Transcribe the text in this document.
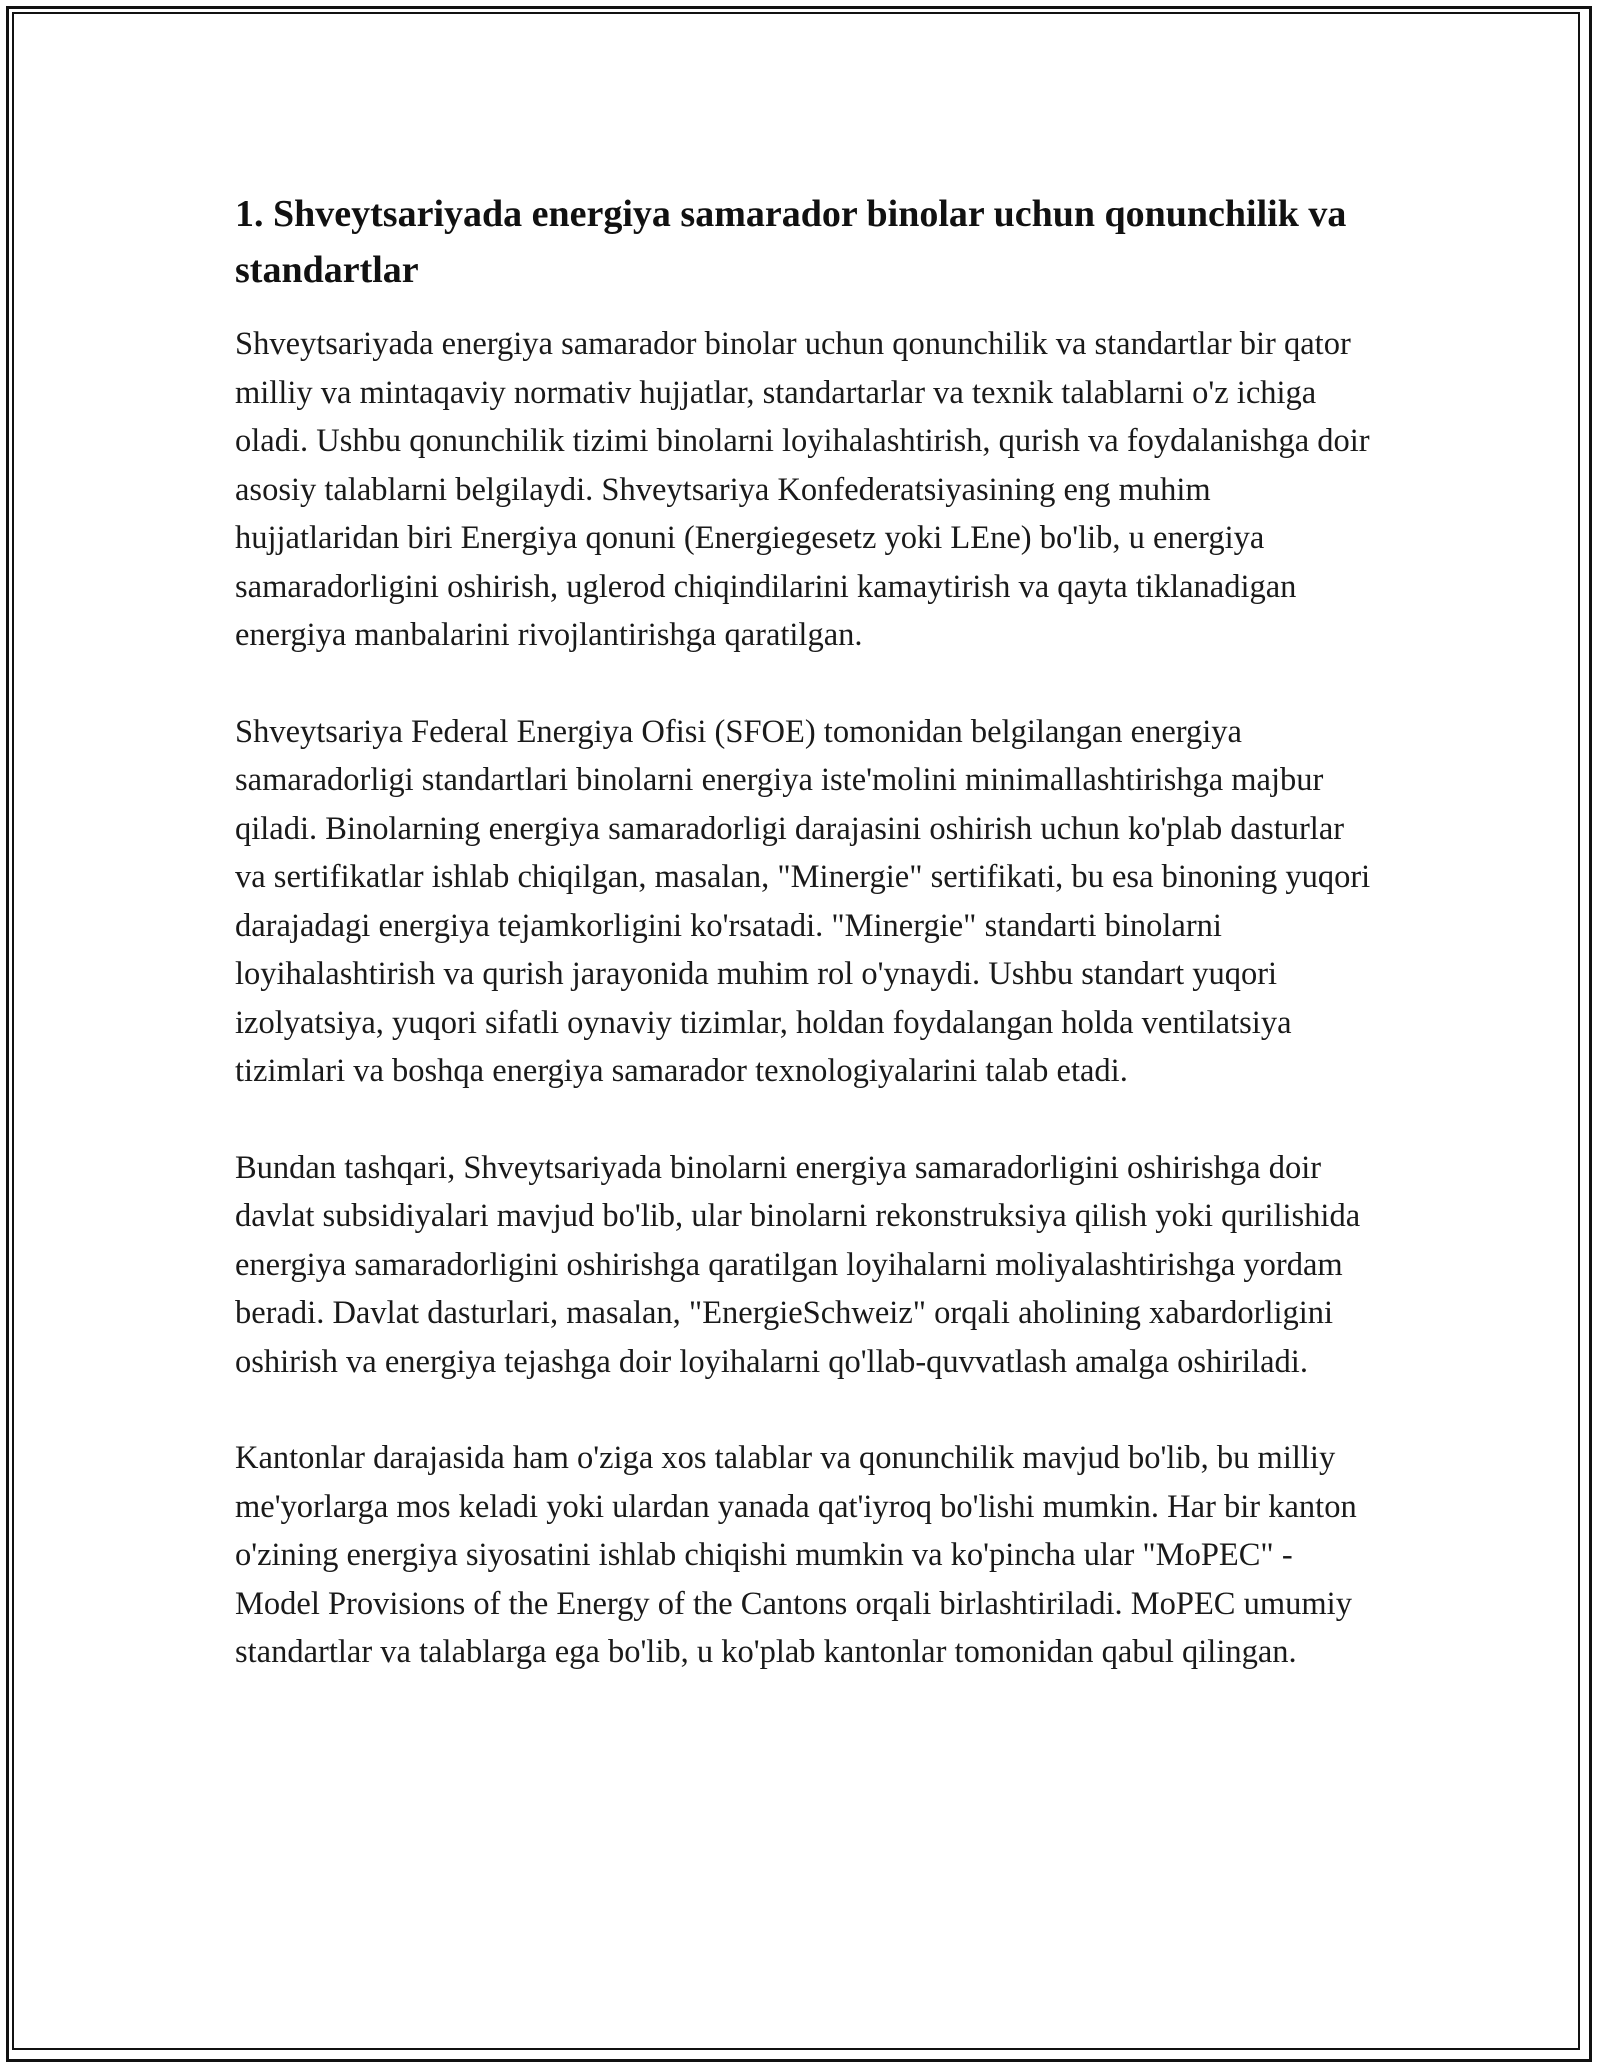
1. Shveytsariyada energiya samarador binolar uchun qonunchilik va standartlar

Shveytsariyada energiya samarador binolar uchun qonunchilik va standartlar bir qator milliy va mintaqaviy normativ hujjatlar, standartarlar va texnik talablarni o'z ichiga oladi. Ushbu qonunchilik tizimi binolarni loyihalashtirish, qurish va foydalanishga doir asosiy talablarni belgilaydi. Shveytsariya Konfederatsiyasining eng muhim hujjatlaridan biri Energiya qonuni (Energiegesetz yoki LEne) bo'lib, u energiya samaradorligini oshirish, uglerod chiqindilarini kamaytirish va qayta tiklanadigan energiya manbalarini rivojlantirishga qaratilgan.

Shveytsariya Federal Energiya Ofisi (SFOE) tomonidan belgilangan energiya samaradorligi standartlari binolarni energiya iste'molini minimallashtirishga majbur qiladi. Binolarning energiya samaradorligi darajasini oshirish uchun ko'plab dasturlar va sertifikatlar ishlab chiqilgan, masalan, "Minergie" sertifikati, bu esa binoning yuqori darajadagi energiya tejamkorligini ko'rsatadi. "Minergie" standarti binolarni loyihalashtirish va qurish jarayonida muhim rol o'ynaydi. Ushbu standart yuqori izolyatsiya, yuqori sifatli oynaviy tizimlar, holdan foydalangan holda ventilatsiya tizimlari va boshqa energiya samarador texnologiyalarini talab etadi.

Bundan tashqari, Shveytsariyada binolarni energiya samaradorligini oshirishga doir davlat subsidiyalari mavjud bo'lib, ular binolarni rekonstruksiya qilish yoki qurilishida energiya samaradorligini oshirishga qaratilgan loyihalarni moliyalashtirishga yordam beradi. Davlat dasturlari, masalan, "EnergieSchweiz" orqali aholining xabardorligini oshirish va energiya tejashga doir loyihalarni qo'llab-quvvatlash amalga oshiriladi.

Kantonlar darajasida ham o'ziga xos talablar va qonunchilik mavjud bo'lib, bu milliy me'yorlarga mos keladi yoki ulardan yanada qat'iyroq bo'lishi mumkin. Har bir kanton o'zining energiya siyosatini ishlab chiqishi mumkin va ko'pincha ular "MoPEC" - Model Provisions of the Energy of the Cantons orqali birlashtiriladi. MoPEC umumiy standartlar va talablarga ega bo'lib, u ko'plab kantonlar tomonidan qabul qilingan.
